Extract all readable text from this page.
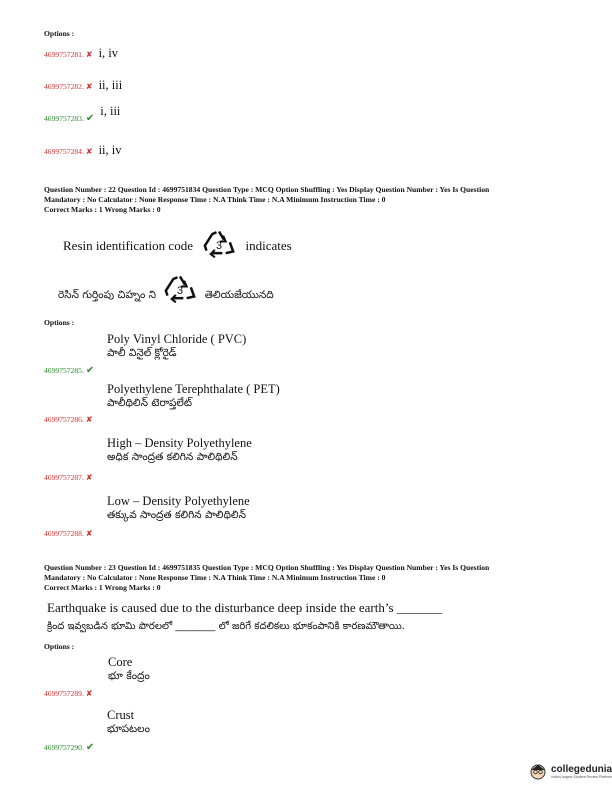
Options :
4699757281. ✘ i, iv
4699757282. ✘ ii, iii
4699757283. ✔ $^{i, iii}$
4699757284. ✘ ii, iv
Question Number : 22 Question Id : 4699751834 Question Type : MCQ Option Shuffling : Yes Display Question Number : Yes Is Question
Mandatory : No Calculator : None Response Time : N.A Think Time : N.A Minimum Instruction Time : 0
Correct Marks : 1 Wrong Marks : 0
Resin identification code 3 indicates
రెసిన్ గుర్తింపు చిహ్నం ని 3 తెలియజేయునది
Options :
Poly Vinyl Chloride ( PVC)
పాలీ వినైల్ క్లోరైడ్
4699757285. ✔
Polyethylene Terephthalate ( PET)
పాలీథిలిన్ టెరాప్తలేట్
4699757286. ✘
High – Density Polyethylene
అధిక సాంద్రత కలిగిన పాలిథిలిన్
4699757287. ✘
Low – Density Polyethylene
తక్కువ సాంద్రత కలిగిన పాలిథిలిన్
4699757288. ✘
Question Number : 23 Question Id : 4699751835 Question Type : MCQ Option Shuffling : Yes Display Question Number : Yes Is Question
Mandatory : No Calculator : None Response Time : N.A Think Time : N.A Minimum Instruction Time : 0
Correct Marks : 1 Wrong Marks : 0
Earthquake is caused due to the disturbance deep inside the earth’s _______
క్రింద ఇవ్వబడిన భూమి పొరలలో ________ లో జరిగే కదలికలు భూకంపానికి కారణమౌతాయి.
Options :
Core
భూ కేంద్రం
4699757289. ✘
Crust
భూపటలం
4699757290. ✔
collegedunia
India's largest Student Review Platform
